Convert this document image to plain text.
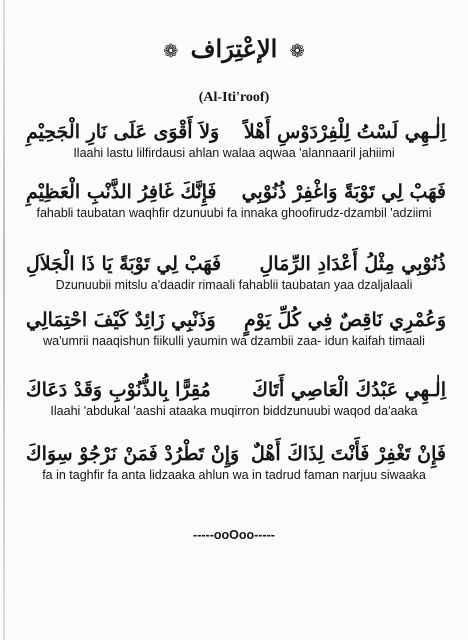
❁ الإعْتِرَاف ❁
(Al-Iti'roof)
اِلٰـهِي لَسْتُ لِلْفِرْدَوْسِ أَهْلاً
وَلاَ أَقْوَى عَلَى نَارِ الْجَحِيْمِ
Ilaahi lastu lilfirdausi ahlan walaa aqwaa 'alannaaril jahiimi
فَهَبْ لِي تَوْبَةً وَاغْفِرْ ذُنُوْبِي
فَإِنَّكَ غَافِرُ الذَّنْبِ الْعَظِيْمِ
fahabli taubatan waqhfir dzunuubi fa innaka ghoofirudz-dzambil 'adziimi
ذُنُوْبِي مِثْلُ أَعْدَادِ الرِّمَالِ
فَهَبْ لِي تَوْبَةً يَا ذَا الْجَلاَلِ
Dzunuubii mitslu a'daadir rimaali fahablii taubatan yaa dzaljalaali
وَعُمْرِي نَاقِصٌ فِي كُلِّ يَوْمٍ
وَذَنْبِي زَائِدٌ كَيْفَ احْتِمَالِي
wa'umrii naaqishun fiikulli yaumin wa dzambii zaa- idun kaifah timaali
اِلٰـهِي عَبْدُكَ الْعَاصِي أَتَاكَ
مُقِرًّا بِالذُّنُوْبِ وَقَدْ دَعَاكَ
Ilaahi 'abdukal 'aashi ataaka muqirron biddzunuubi waqod da'aaka
فَإِنْ تَغْفِرْ فَأَنْتَ لِذَاكَ أَهْلٌ
وَإِنْ تَطْرُدْ فَمَنْ نَرْجُوْ سِوَاكَ
fa in taghfir fa anta lidzaaka ahlun wa in tadrud faman narjuu siwaaka
-----ooOoo-----
